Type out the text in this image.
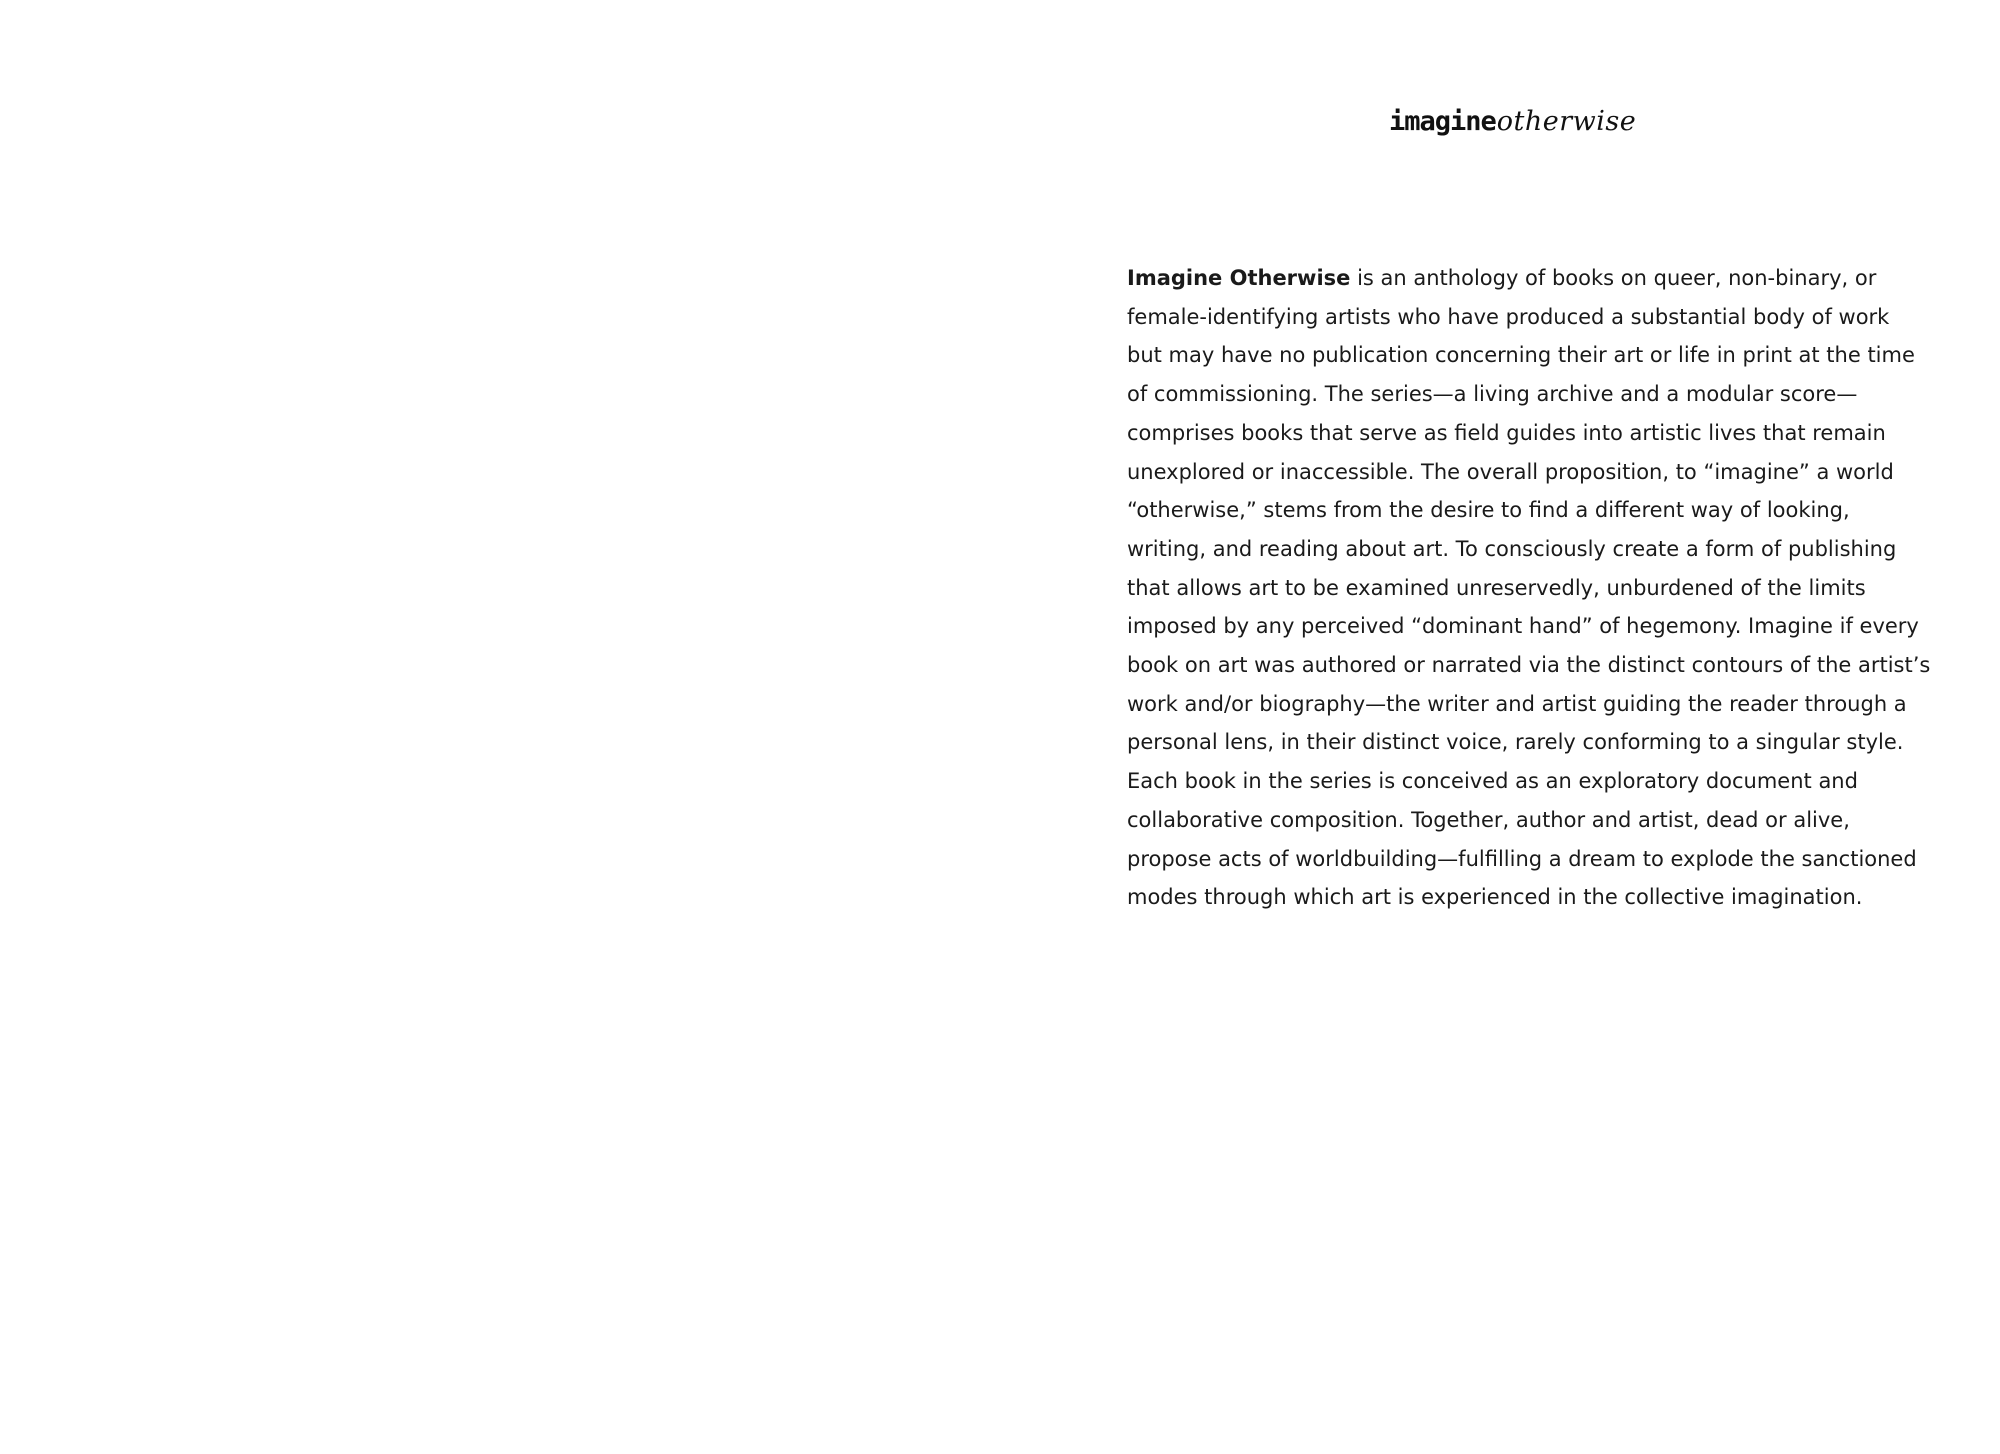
imagineotherwise

Imagine Otherwise is an anthology of books on queer, non-binary, or
female-identifying artists who have produced a substantial body of work
but may have no publication concerning their art or life in print at the time
of commissioning. The series—a living archive and a modular score—
comprises books that serve as field guides into artistic lives that remain
unexplored or inaccessible. The overall proposition, to “imagine” a world
“otherwise,” stems from the desire to find a different way of looking,
writing, and reading about art. To consciously create a form of publishing
that allows art to be examined unreservedly, unburdened of the limits
imposed by any perceived “dominant hand” of hegemony. Imagine if every
book on art was authored or narrated via the distinct contours of the artist’s
work and/or biography—the writer and artist guiding the reader through a
personal lens, in their distinct voice, rarely conforming to a singular style.
Each book in the series is conceived as an exploratory document and
collaborative composition. Together, author and artist, dead or alive,
propose acts of worldbuilding—fulfilling a dream to explode the sanctioned
modes through which art is experienced in the collective imagination.
